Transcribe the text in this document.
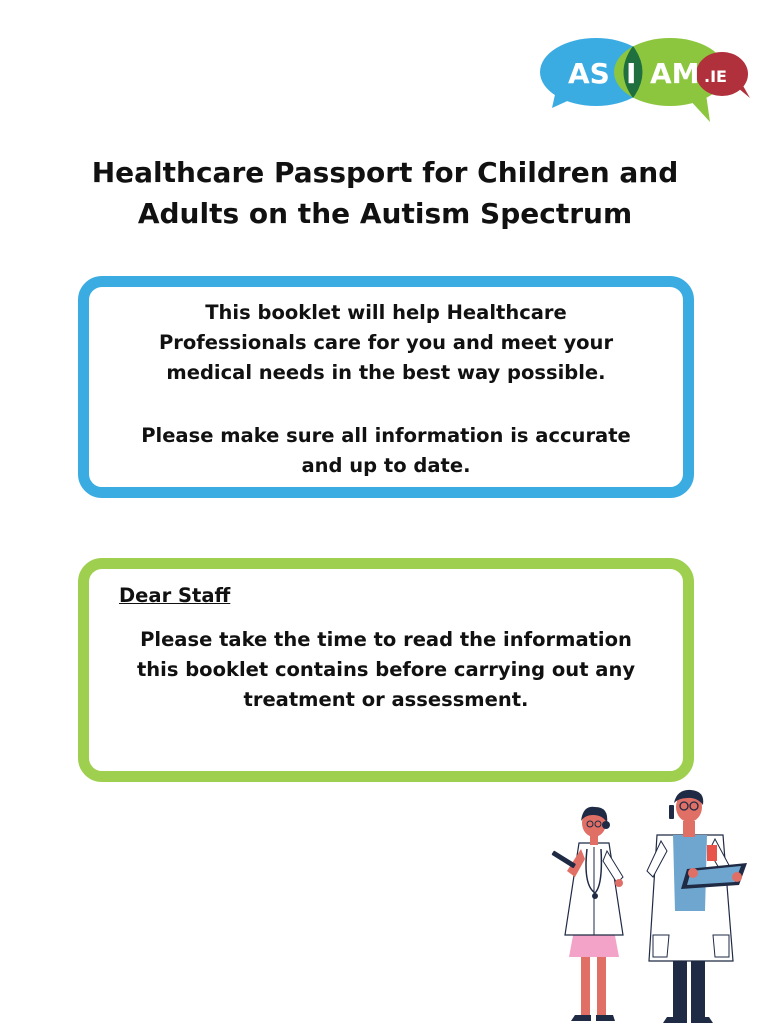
AS I AM .IE
Healthcare Passport for Children and
Adults on the Autism Spectrum

This booklet will help Healthcare
Professionals care for you and meet your
medical needs in the best way possible.

Please make sure all information is accurate
and up to date.

Dear Staff

Please take the time to read the information
this booklet contains before carrying out any
treatment or assessment.
